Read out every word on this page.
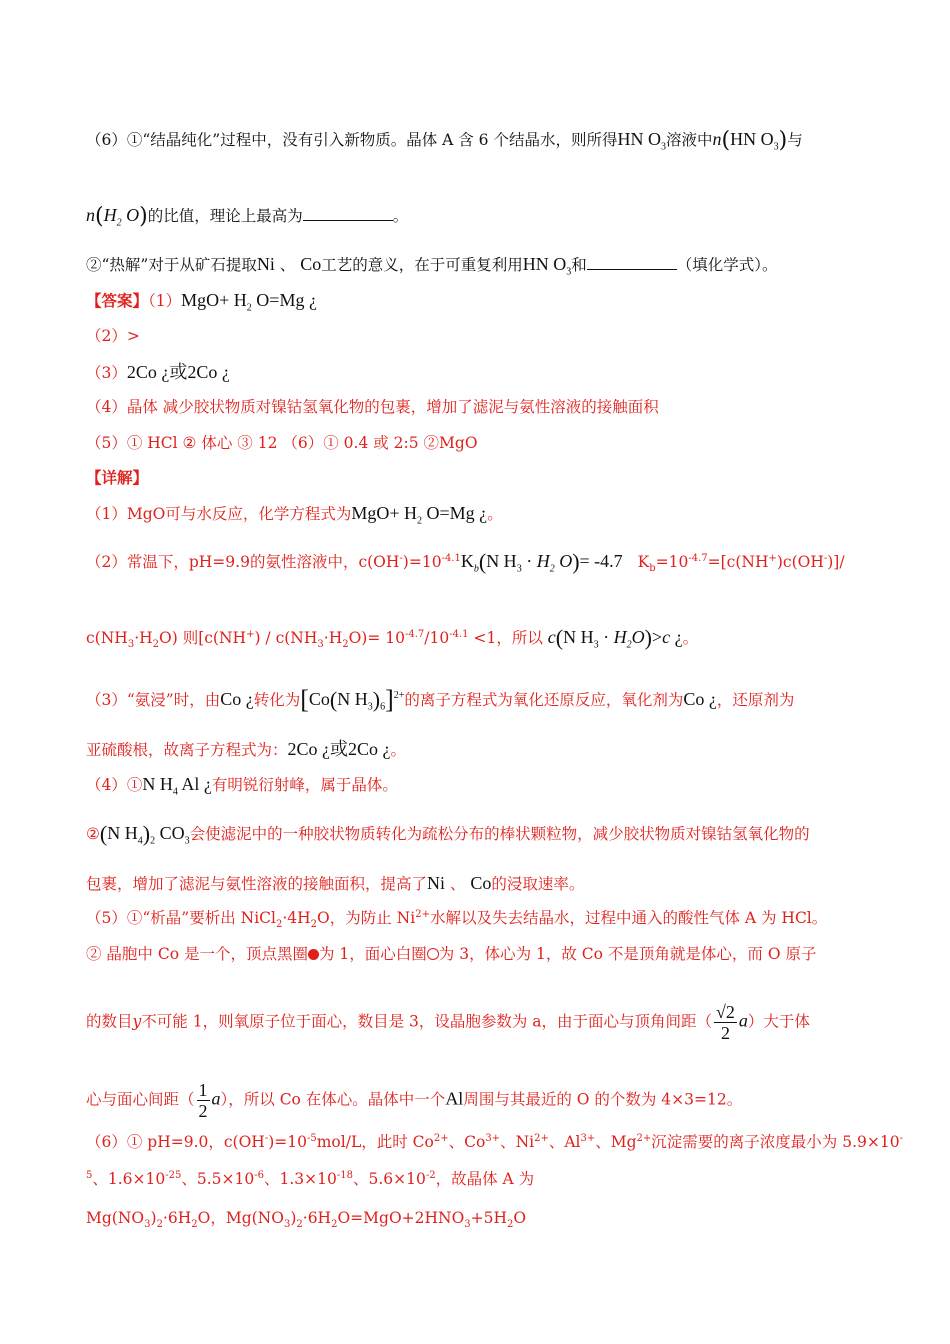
（6）①“结晶纯化”过程中，没有引入新物质。晶体 A 含 6 个结晶水，则所得HN $O_3$溶液中n(HN $O_3$)与
$n(H_2$ O)的比值，理论上最高为	。
②“热解”对于从矿石提取Ni 、 Co工艺的意义，在于可重复利用HN $O_3$和	（填化学式）。
【答案】$(1)MgO+ H_2$ O=Mg ¿
（2）>
（3）2Co ¿或2Co ¿
（4）晶体 减少胶状物质对镍钴氢氧化物的包裹，增加了滤泥与氨性溶液的接触面积
（5）① HCl ② 体心 ③ 12 （6）① 0.4 或 2:5 ②MgO
【详解】
（1）MgO可与水反应，化学方程式为$MgO+ H_2$ O=Mg ¿。
（2）常温下，pH=9.9的氨性溶液中，$c(OH^-)=10^{-4.1}K_b(N$ $H_3 \cdot H_2$ O)= -4.7 $K_b=10^{-4.7}=[c(NH^+)c(OH^-)]/$
$c(NH_3\cdot H_2O)$ 则[$c(NH^+) / c(NH_3\cdot H_2O)= 10^{-4.7}/10^{-4.1} <1$，所以 c(N $H_3 \cdot H_2O)>c$ ¿。
（3）“氨浸”时，由Co ¿转化为[Co(N $H_3)_6]^{2+}$的离子方程式为氧化还原反应，氧化剂为Co ¿，还原剂为
亚硫酸根，故离子方程式为：2Co ¿或2Co ¿。
（4）①N $H_4$ Al ¿有明锐衍射峰，属于晶体。
②(N $H_4)_2$ $CO_3$会使滤泥中的一种胶状物质转化为疏松分布的棒状颗粒物，减少胶状物质对镍钴氢氧化物的
包裹，增加了滤泥与氨性溶液的接触面积，提高了Ni 、 Co的浸取速率。
（5）①“析晶”要析出 $NiCl_2\cdot 4H_2O$，为防止 $Ni^{2+}$水解以及失去结晶水，过程中通入的酸性气体 A 为 HCl。
② 晶胞中 Co 是一个，顶点黑圈 为 1，面心白圈 为 3，体心为 1，故 Co 不是顶角就是体心，而 O 原子
的数目y不可能 1，则氧原子位于面心，数目是 3，设晶胞参数为 a，由于面心与顶角间距（ $\frac{√2}{2} a$）大于体
心与面心间距（ $\frac{1}{2} a$），所以 Co 在体心。晶体中一个Al周围与其最近的 O 的个数为 4×3=12。
（6）① pH=9.0，$c(OH^-)=10^{-5}mol/L$，此时 $Co^{2+}$、$Co^{3+}$、$Ni^{2+}$、$Al^{3+}$、$Mg^{2+}$沉淀需要的离子浓度最小为 5.9×10-
$^5$、$1.6\times 10^{-25}$、$5.5\times 10^{-6}$、$1.3\times 10^{-18}$、$5.6\times 10^{-2}$，故晶体 A 为
$Mg(NO_3)_2\cdot 6H_2O$，$Mg(NO_3)_2\cdot 6H_2O=MgO+2HNO_3+5H_2O$
